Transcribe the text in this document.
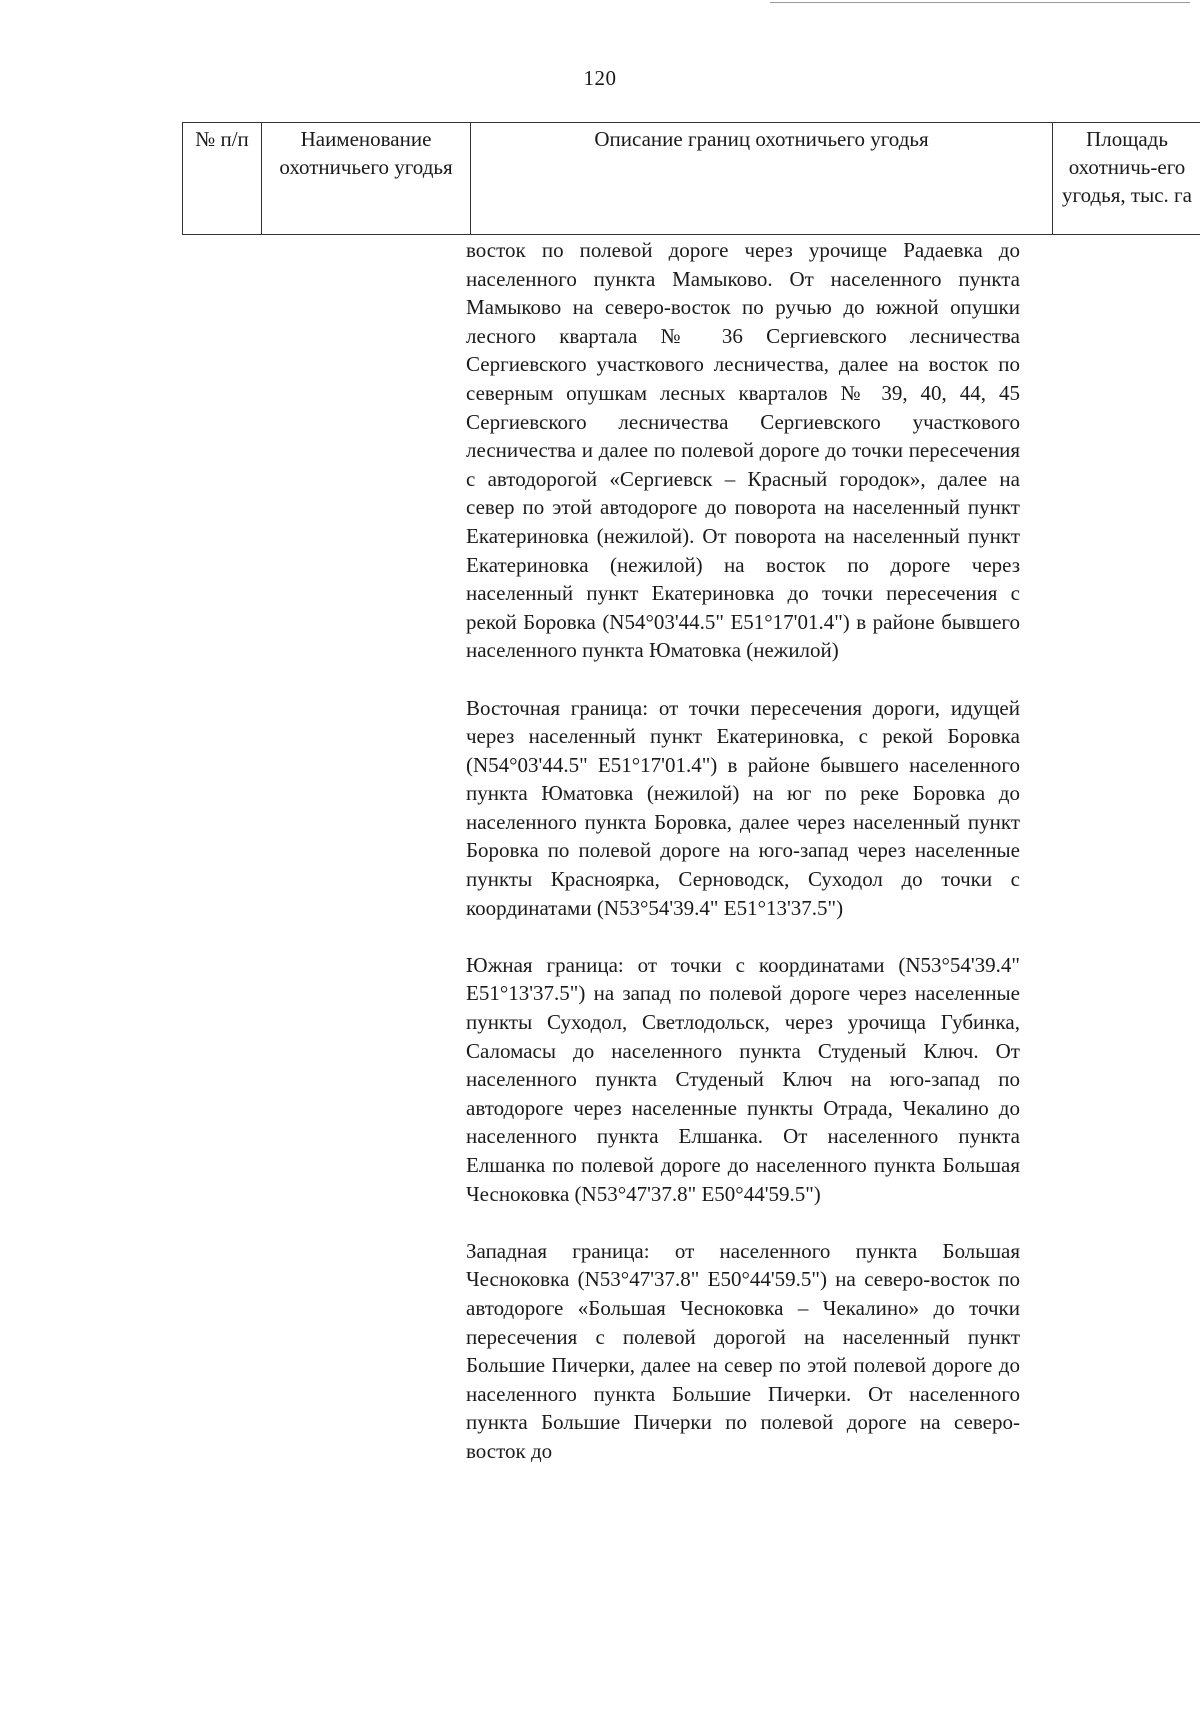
120
№ п/п	Наименование охотничьего угодья	Описание границ охотничьего угодья	Площадь охотничь-его угодья, тыс. га

восток по полевой дороге через урочище Радаевка до населенного пункта Мамыково. От населенного пункта Мамыково на северо-восток по ручью до южной опушки лесного квартала № 36 Сергиевского лесничества Сергиевского участкового лесничества, далее на восток по северным опушкам лесных кварталов № 39, 40, 44, 45 Сергиевского лесничества Сергиевского участкового лесничества и далее по полевой дороге до точки пересечения с автодорогой «Сергиевск – Красный городок», далее на север по этой автодороге до поворота на населенный пункт Екатериновка (нежилой). От поворота на населенный пункт Екатериновка (нежилой) на восток по дороге через населенный пункт Екатериновка до точки пересечения с рекой Боровка (N54°03'44.5" E51°17'01.4") в районе бывшего населенного пункта Юматовка (нежилой)

Восточная граница: от точки пересечения дороги, идущей через населенный пункт Екатериновка, с рекой Боровка (N54°03'44.5" E51°17'01.4") в районе бывшего населенного пункта Юматовка (нежилой) на юг по реке Боровка до населенного пункта Боровка, далее через населенный пункт Боровка по полевой дороге на юго-запад через населенные пункты Красноярка, Серноводск, Суходол до точки с координатами (N53°54'39.4" E51°13'37.5")

Южная граница: от точки с координатами (N53°54'39.4" E51°13'37.5") на запад по полевой дороге через населенные пункты Суходол, Светлодольск, через урочища Губинка, Саломасы до населенного пункта Студеный Ключ. От населенного пункта Студеный Ключ на юго-запад по автодороге через населенные пункты Отрада, Чекалино до населенного пункта Елшанка. От населенного пункта Елшанка по полевой дороге до населенного пункта Большая Чесноковка (N53°47'37.8" E50°44'59.5")

Западная граница: от населенного пункта Большая Чесноковка (N53°47'37.8" E50°44'59.5") на северо-восток по автодороге «Большая Чесноковка – Чекалино» до точки пересечения с полевой дорогой на населенный пункт Большие Пичерки, далее на север по этой полевой дороге до населенного пункта Большие Пичерки. От населенного пункта Большие Пичерки по полевой дороге на северо-восток до
